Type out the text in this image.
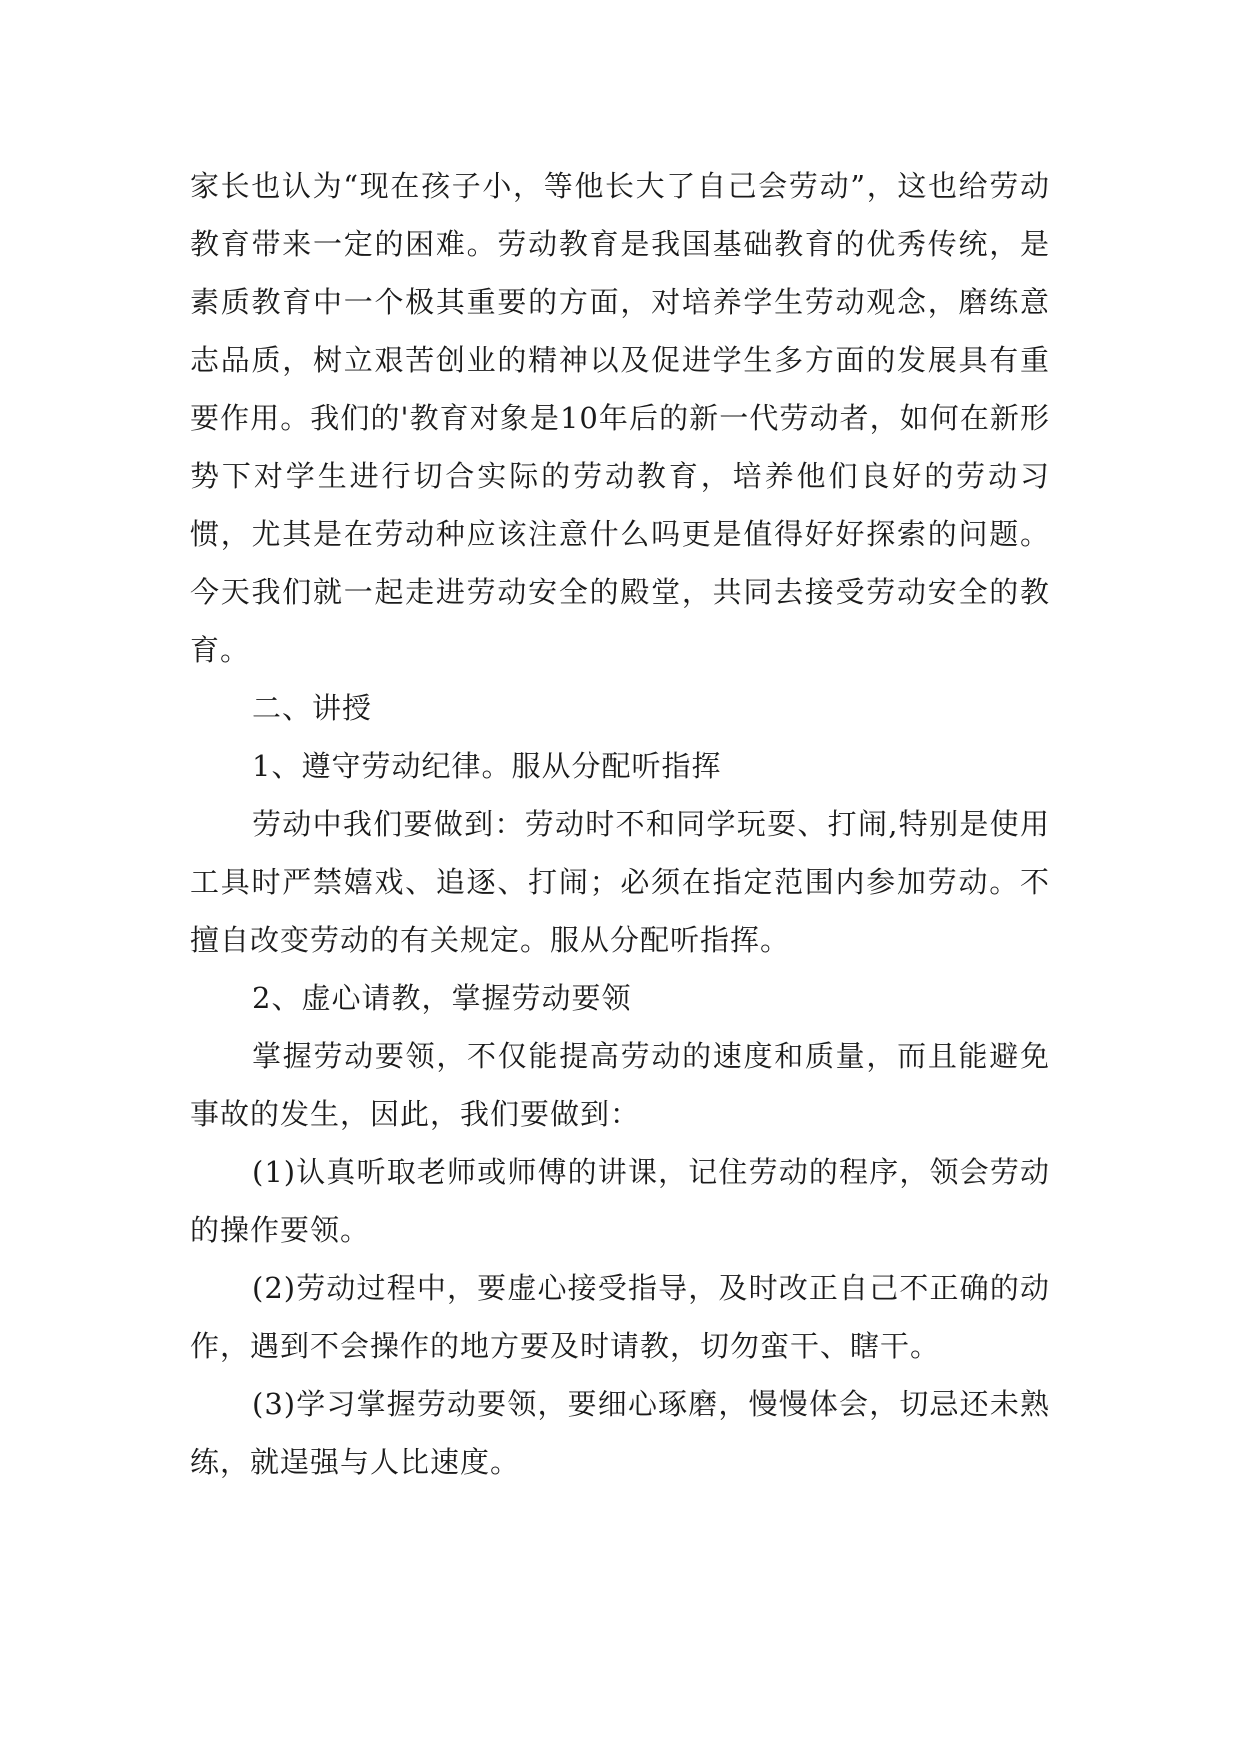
家长也认为“现在孩子小，等他长大了自己会劳动”，这也给劳动教育带来一定的困难。劳动教育是我国基础教育的优秀传统，是素质教育中一个极其重要的方面，对培养学生劳动观念，磨练意志品质，树立艰苦创业的精神以及促进学生多方面的发展具有重要作用。我们的'教育对象是10年后的新一代劳动者，如何在新形势下对学生进行切合实际的劳动教育，培养他们良好的劳动习惯，尤其是在劳动种应该注意什么吗更是值得好好探索的问题。今天我们就一起走进劳动安全的殿堂，共同去接受劳动安全的教育。

二、讲授

1、遵守劳动纪律。服从分配听指挥

劳动中我们要做到：劳动时不和同学玩耍、打闹,特别是使用工具时严禁嬉戏、追逐、打闹；必须在指定范围内参加劳动。不擅自改变劳动的有关规定。服从分配听指挥。

2、虚心请教，掌握劳动要领

掌握劳动要领，不仅能提高劳动的速度和质量，而且能避免事故的发生，因此，我们要做到：

(1)认真听取老师或师傅的讲课，记住劳动的程序，领会劳动的操作要领。

(2)劳动过程中，要虚心接受指导，及时改正自己不正确的动作，遇到不会操作的地方要及时请教，切勿蛮干、瞎干。

(3)学习掌握劳动要领，要细心琢磨，慢慢体会，切忌还未熟练，就逞强与人比速度。
